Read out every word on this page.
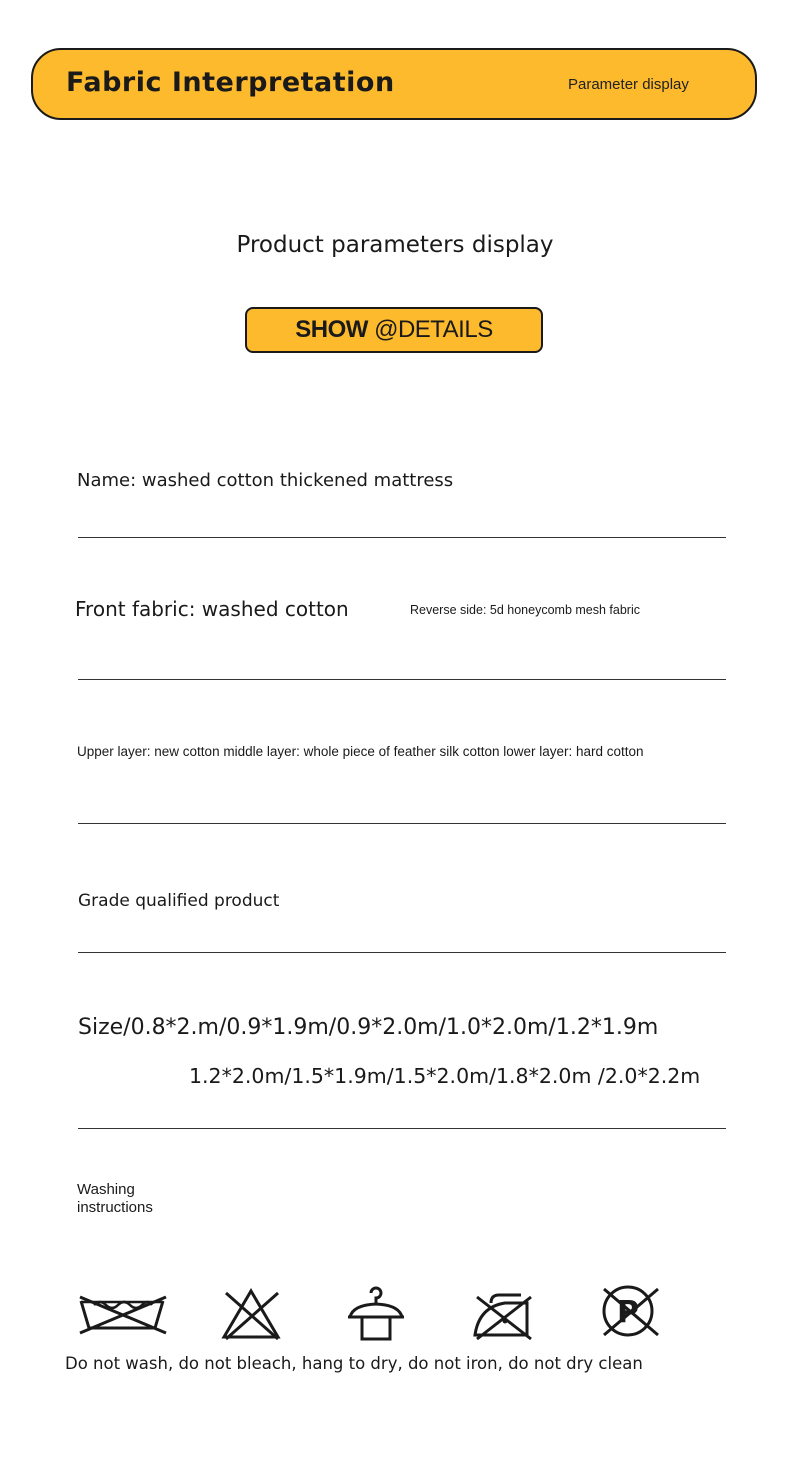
Fabric Interpretation	Parameter display
Product parameters display
SHOW @DETAILS
Name: washed cotton thickened mattress
Front fabric: washed cotton	Reverse side: 5d honeycomb mesh fabric
Upper layer: new cotton middle layer: whole piece of feather silk cotton lower layer: hard cotton
Grade qualified product
Size/0.8*2.m/0.9*1.9m/0.9*2.0m/1.0*2.0m/1.2*1.9m
1.2*2.0m/1.5*1.9m/1.5*2.0m/1.8*2.0m /2.0*2.2m
Washing
instructions
P
Do not wash, do not bleach, hang to dry, do not iron, do not dry clean
